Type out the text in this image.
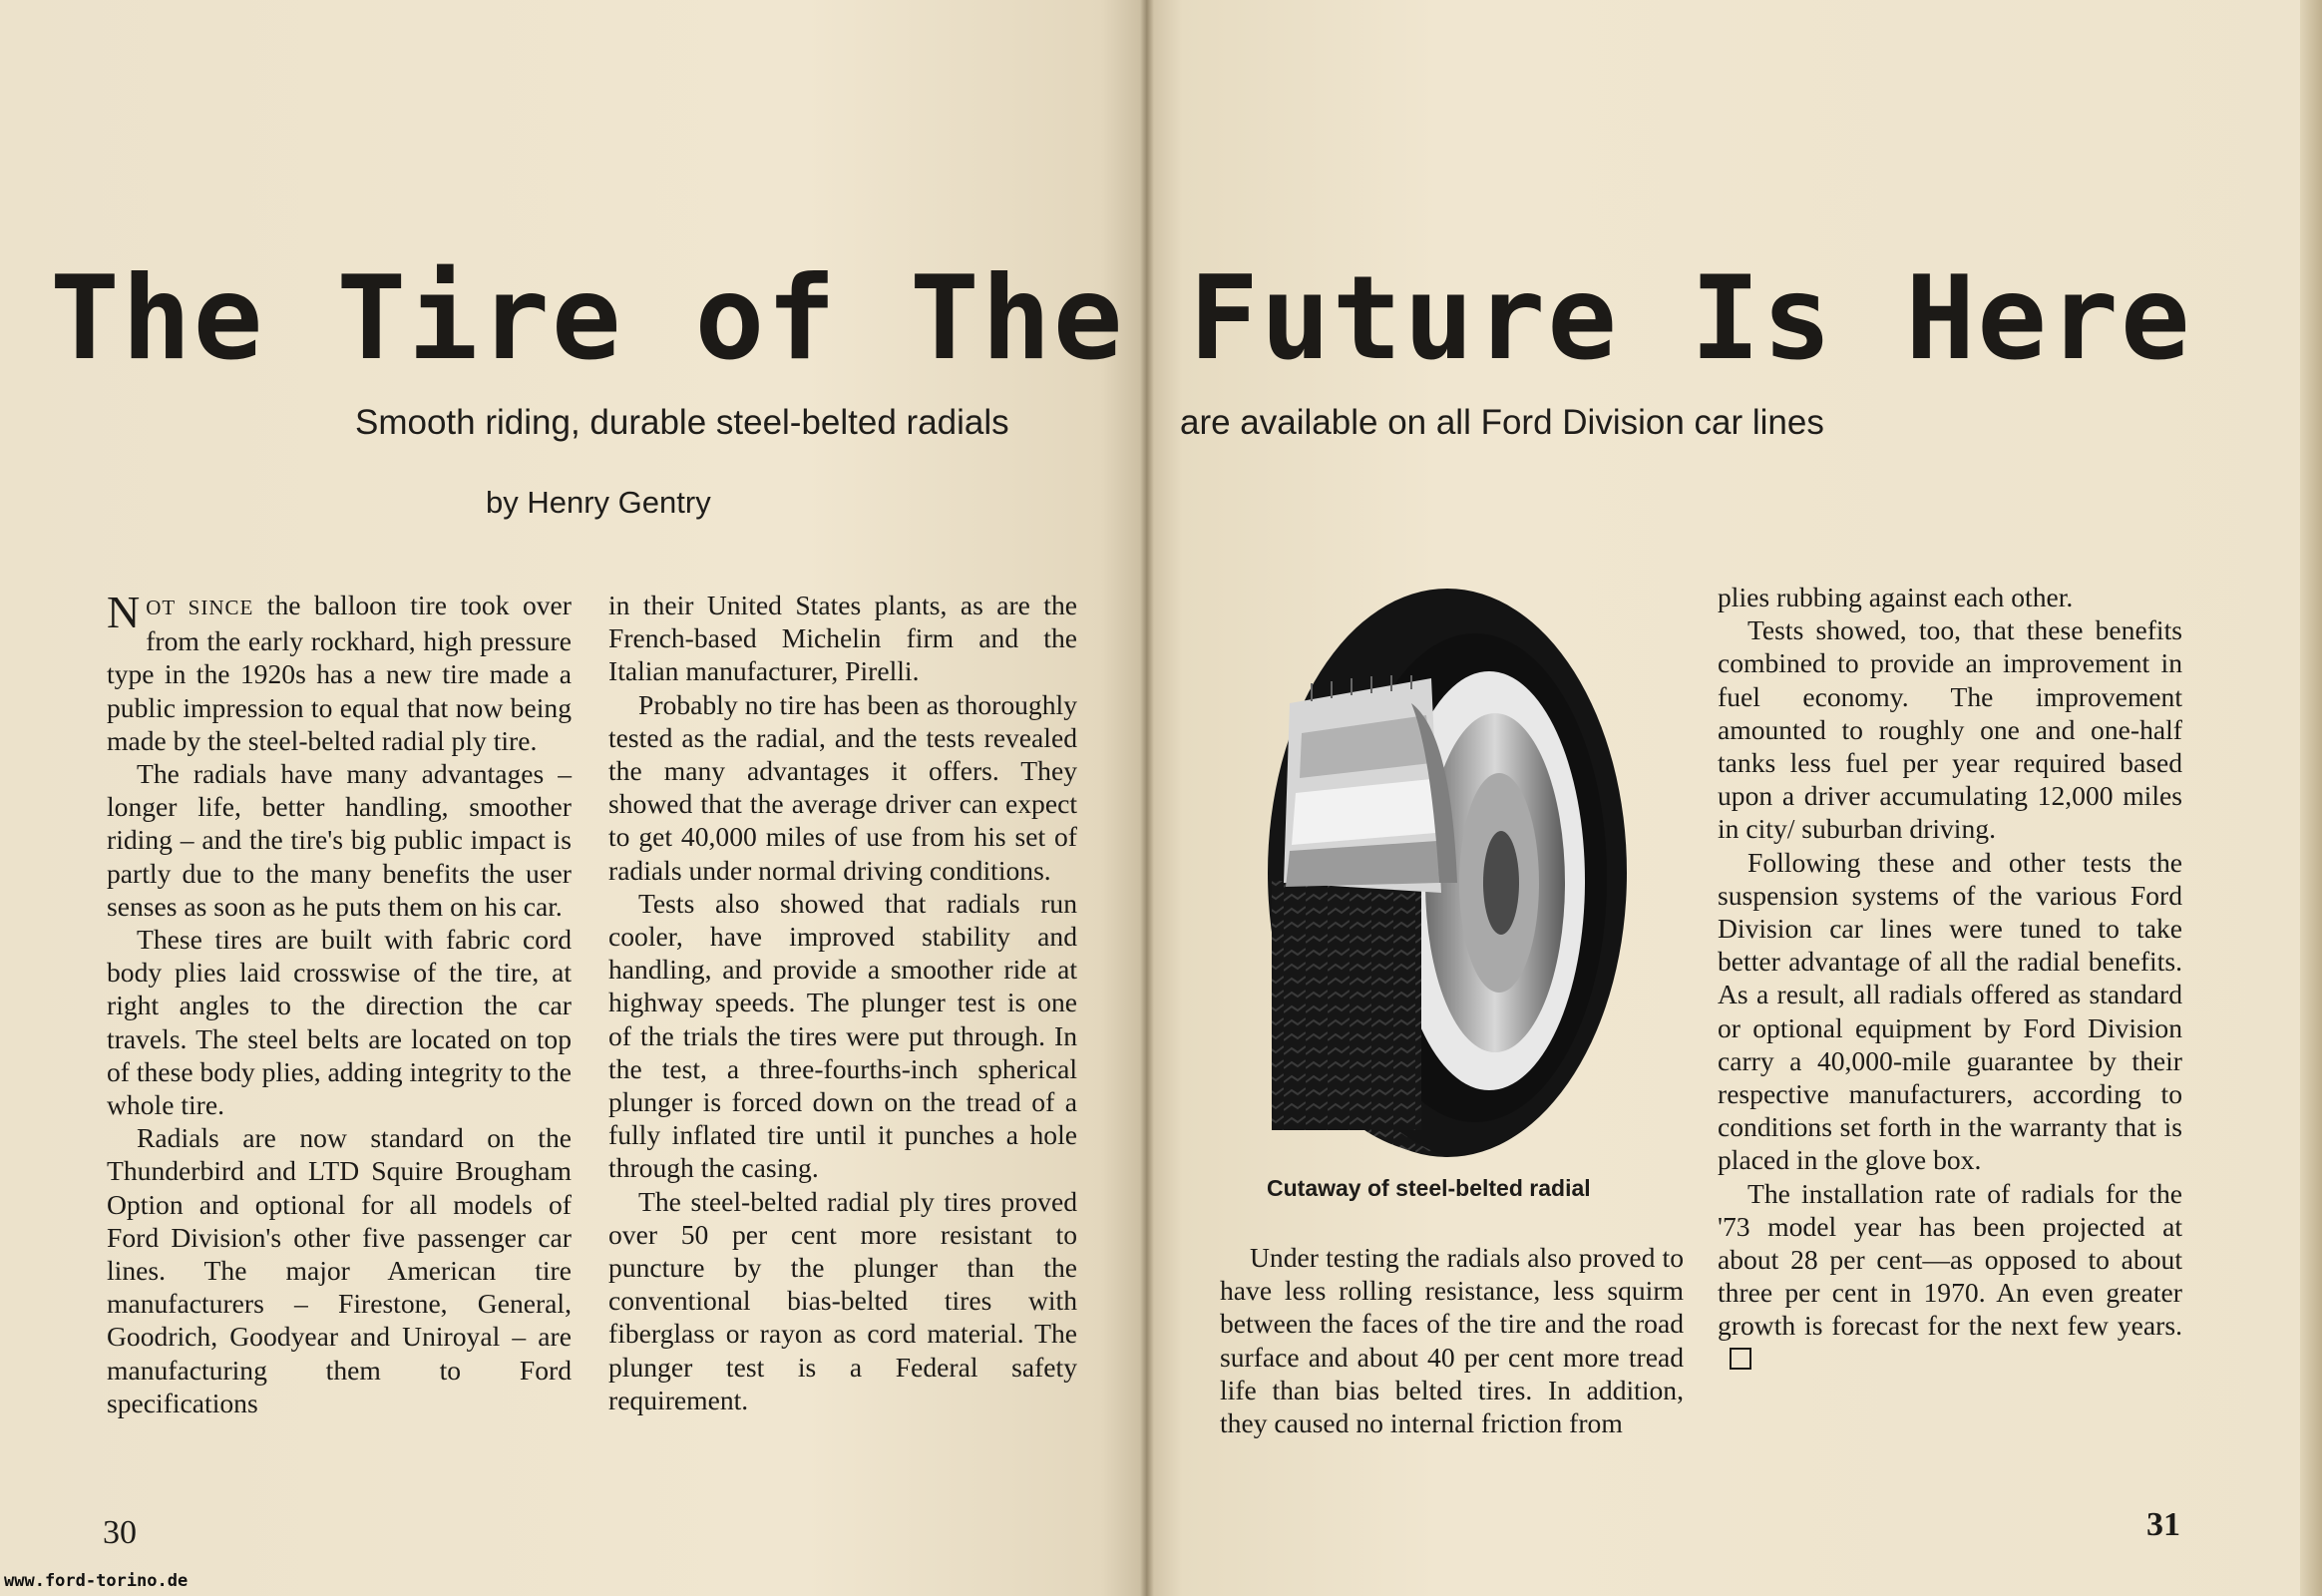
The Tire of The
Smooth riding, durable steel-belted radials
by Henry Gentry

NOT SINCE the balloon tire took over from the early rockhard, high pressure type in the 1920s has a new tire made a public impression to equal that now being made by the steel-belted radial ply tire.

The radials have many advantages – longer life, better handling, smoother riding – and the tire's big public impact is partly due to the many benefits the user senses as soon as he puts them on his car.

These tires are built with fabric cord body plies laid crosswise of the tire, at right angles to the direction the car travels. The steel belts are located on top of these body plies, adding integrity to the whole tire.

Radials are now standard on the Thunderbird and LTD Squire Brougham Option and optional for all models of Ford Division's other five passenger car lines. The major American tire manufacturers – Firestone, General, Goodrich, Goodyear and Uniroyal – are manufacturing them to Ford specifications

in their United States plants, as are the French-based Michelin firm and the Italian manufacturer, Pirelli.

Probably no tire has been as thoroughly tested as the radial, and the tests revealed the many advantages it offers. They showed that the average driver can expect to get 40,000 miles of use from his set of radials under normal driving conditions.

Tests also showed that radials run cooler, have improved stability and handling, and provide a smoother ride at highway speeds. The plunger test is one of the trials the tires were put through. In the test, a three-fourths-inch spherical plunger is forced down on the tread of a fully inflated tire until it punches a hole through the casing.

The steel-belted radial ply tires proved over 50 per cent more resistant to puncture by the plunger than the conventional bias-belted tires with fiberglass or rayon as cord material. The plunger test is a Federal safety requirement.

30
www.ford-torino.de
Future Is Here
are available on all Ford Division car lines
Cutaway of steel-belted radial

Under testing the radials also proved to have less rolling resistance, less squirm between the faces of the tire and the road surface and about 40 per cent more tread life than bias belted tires. In addition, they caused no internal friction from

plies rubbing against each other.

Tests showed, too, that these benefits combined to provide an improvement in fuel economy. The improvement amounted to roughly one and one-half tanks less fuel per year required based upon a driver accumulating 12,000 miles in city/ suburban driving.

Following these and other tests the suspension systems of the various Ford Division car lines were tuned to take better advantage of all the radial benefits. As a result, all radials offered as standard or optional equipment by Ford Division carry a 40,000-mile guarantee by their respective manufacturers, according to conditions set forth in the warranty that is placed in the glove box.

The installation rate of radials for the '73 model year has been projected at about 28 per cent—as opposed to about three per cent in 1970. An even greater growth is forecast for the next few years.

31
